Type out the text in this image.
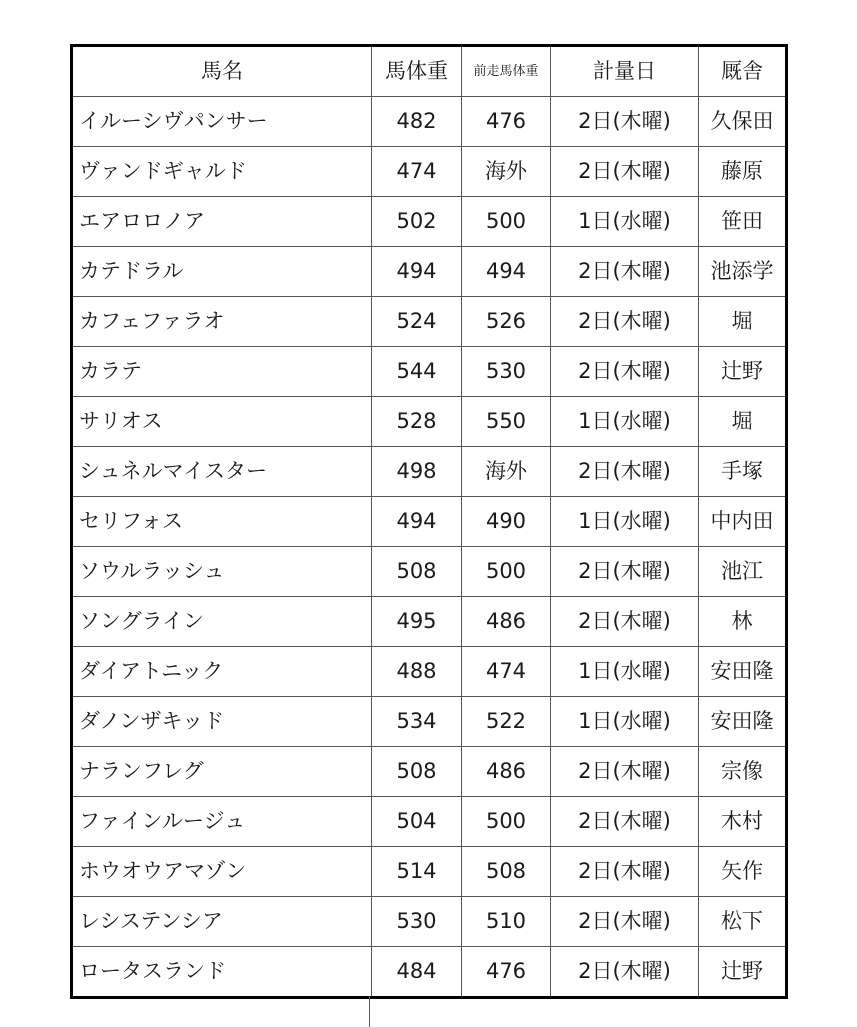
馬名	馬体重	前走馬体重	計量日	厩舎
イルーシヴパンサー	482	476	2日(木曜)	久保田
ヴァンドギャルド	474	海外	2日(木曜)	藤原
エアロロノア	502	500	1日(水曜)	笹田
カテドラル	494	494	2日(木曜)	池添学
カフェファラオ	524	526	2日(木曜)	堀
カラテ	544	530	2日(木曜)	辻野
サリオス	528	550	1日(水曜)	堀
シュネルマイスター	498	海外	2日(木曜)	手塚
セリフォス	494	490	1日(水曜)	中内田
ソウルラッシュ	508	500	2日(木曜)	池江
ソングライン	495	486	2日(木曜)	林
ダイアトニック	488	474	1日(水曜)	安田隆
ダノンザキッド	534	522	1日(水曜)	安田隆
ナランフレグ	508	486	2日(木曜)	宗像
ファインルージュ	504	500	2日(木曜)	木村
ホウオウアマゾン	514	508	2日(木曜)	矢作
レシステンシア	530	510	2日(木曜)	松下
ロータスランド	484	476	2日(木曜)	辻野
